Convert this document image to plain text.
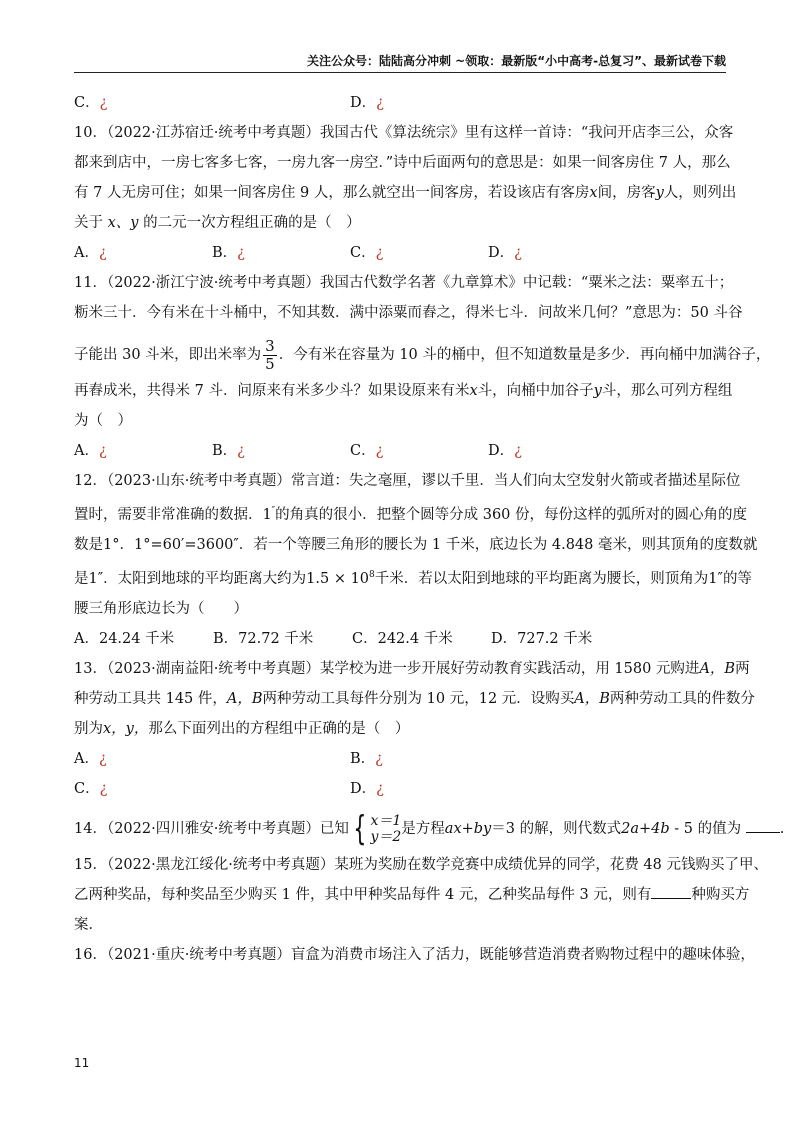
关注公众号：陆陆高分冲刺 ~领取：最新版“小中高考-总复习”、最新试卷下载
C．¿	D．¿
10．（2022·江苏宿迁·统考中考真题）我国古代《算法统宗》里有这样一首诗：“我问开店李三公，众客
都来到店中，一房七客多七客，一房九客一房空．”诗中后面两句的意思是：如果一间客房住 7 人，那么
有 7 人无房可住；如果一间客房住 9 人，那么就空出一间客房，若设该店有客房x间，房客y人，则列出
关于 x、y 的二元一次方程组正确的是（　）
A．¿	B．¿	C．¿	D．¿
11．（2022·浙江宁波·统考中考真题）我国古代数学名著《九章算术》中记载：“粟米之法：粟率五十；
粝米三十．今有米在十斗桶中，不知其数．满中添粟而舂之，得米七斗．问故米几何？”意思为：50 斗谷
子能出 30 斗米，即出米率为 $\frac{3}{5}$ ．今有米在容量为 10 斗的桶中，但不知道数量是多少．再向桶中加满谷子，
再舂成米，共得米 7 斗．问原来有米多少斗？如果设原来有米x斗，向桶中加谷子y斗，那么可列方程组
为（　）
A．¿	B．¿	C．¿	D．¿
12．（2023·山东·统考中考真题）常言道：失之毫厘，谬以千里．当人们向太空发射火箭或者描述星际位
置时，需要非常准确的数据．1″的角真的很小．把整个圆等分成 360 份，每份这样的弧所对的圆心角的度
数是1°．1°=60′=3600″．若一个等腰三角形的腰长为 1 千米，底边长为 4.848 毫米，则其顶角的度数就
是1″．太阳到地球的平均距离大约为$1.5 \times 10^8$千米．若以太阳到地球的平均距离为腰长，则顶角为1″的等
腰三角形底边长为（　　）
A．24.24 千米	B．72.72 千米	C．242.4 千米	D．727.2 千米
13．（2023·湖南益阳·统考中考真题）某学校为进一步开展好劳动教育实践活动，用 1580 元购进A，B两
种劳动工具共 145 件，A，B两种劳动工具每件分别为 10 元，12 元．设购买A，B两种劳动工具的件数分
别为x，y，那么下面列出的方程组中正确的是（　）
A．¿	B．¿
C．¿	D．¿
14．（2022·四川雅安·统考中考真题）已知 { x＝1
y＝2 是方程ax+by＝3 的解，则代数式2a+4b - 5 的值为	.
15．（2022·黑龙江绥化·统考中考真题）某班为奖励在数学竞赛中成绩优异的同学，花费 48 元钱购买了甲、
乙两种奖品，每种奖品至少购买 1 件，其中甲种奖品每件 4 元，乙种奖品每件 3 元，则有	种购买方
案．
16．（2021·重庆·统考中考真题）盲盒为消费市场注入了活力，既能够营造消费者购物过程中的趣味体验，
11
